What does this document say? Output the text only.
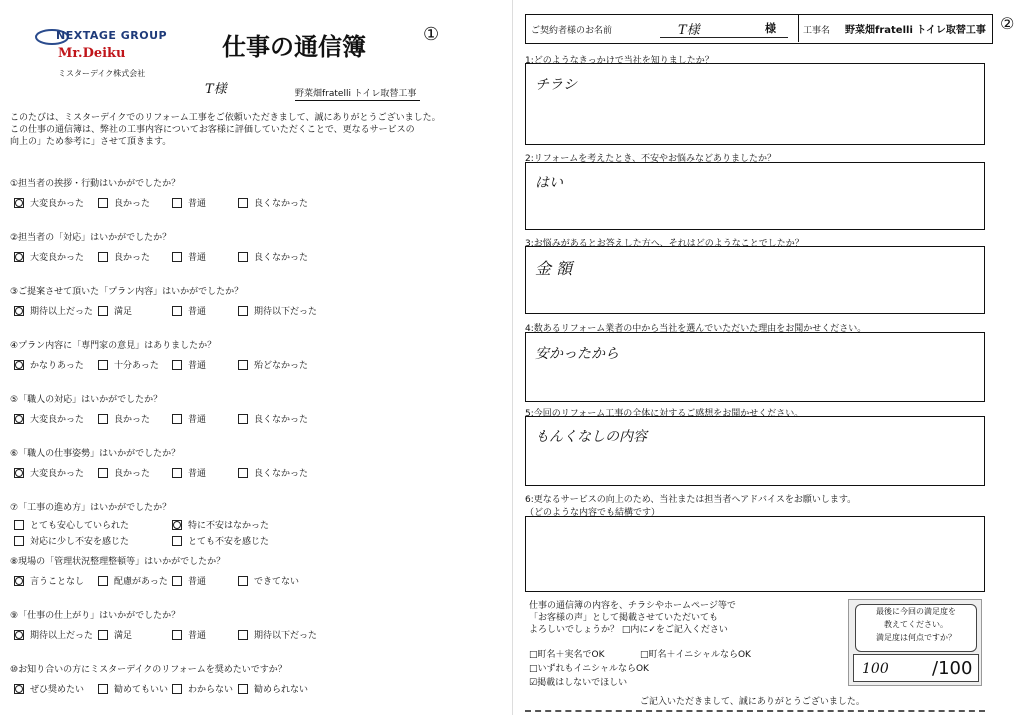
NEXTAGE GROUP
Mr.Deiku
ミスターデイク株式会社
仕事の通信簿	①
T様	野菜畑fratelli トイレ取替工事
このたびは、ミスターデイクでのリフォーム工事をご依頼いただきまして、誠にありがとうございました。
この仕事の通信簿は、弊社の工事内容についてお客様に評価していただくことで、更なるサービスの
向上の」ため参考に」させて頂きます。
①担当者の挨拶・行動はいかがでしたか？
大変良かった	良かった	普通	良くなかった
②担当者の「対応」はいかがでしたか？
大変良かった	良かった	普通	良くなかった
③ご提案させて頂いた「プラン内容」はいかがでしたか？
期待以上だった 満足	普通	期待以下だった
④プラン内容に「専門家の意見」はありましたか？
かなりあった	十分あった	普通	殆どなかった
⑤「職人の対応」はいかがでしたか？
大変良かった	良かった	普通	良くなかった
⑥「職人の仕事姿勢」はいかがでしたか？
大変良かった	良かった	普通	良くなかった
⑦「工事の進め方」はいかがでしたか？
とても安心していられた	特に不安はなかった
対応に少し不安を感じた	とても不安を感じた
⑧現場の「管理状況整理整頓等」はいかがでしたか？
言うことなし	配慮があった 普通	できてない
⑨「仕事の仕上がり」はいかがでしたか？
期待以上だった 満足	普通	期待以下だった
⑩お知り合いの方にミスターデイクのリフォームを奨めたいですか？
ぜひ奨めたい	勧めてもいい わからない 勧められない
ご契約者様のお名前	T様	様	工事名 野菜畑fratelli トイレ取替工事 ②
1:どのようなきっかけで当社を知りましたか？
チラシ
2:リフォームを考えたとき、不安やお悩みなどありましたか？
はい
3:お悩みがあるとお答えした方へ、それはどのようなことでしたか？
金 額
4:数あるリフォーム業者の中から当社を選んでいただいた理由をお聞かせください。
安かったから
5:今回のリフォーム工事の全体に対するご感想をお聞かせください。
もんくなしの内容
6:更なるサービスの向上のため、当社または担当者へアドバイスをお願いします。
（どのような内容でも結構です）
仕事の通信簿の内容を、チラシやホームページ等で
「お客様の声」として掲載させていただいても
よろしいでしょうか？ □内に✓をご記入ください
□町名＋実名でOK	□町名＋イニシャルならOK
□いずれもイニシャルならOK
☑掲載はしないでほしい
最後に今回の満足度を
教えてください。
満足度は何点ですか？
100 /100
ご記入いただきまして、誠にありがとうございました。
